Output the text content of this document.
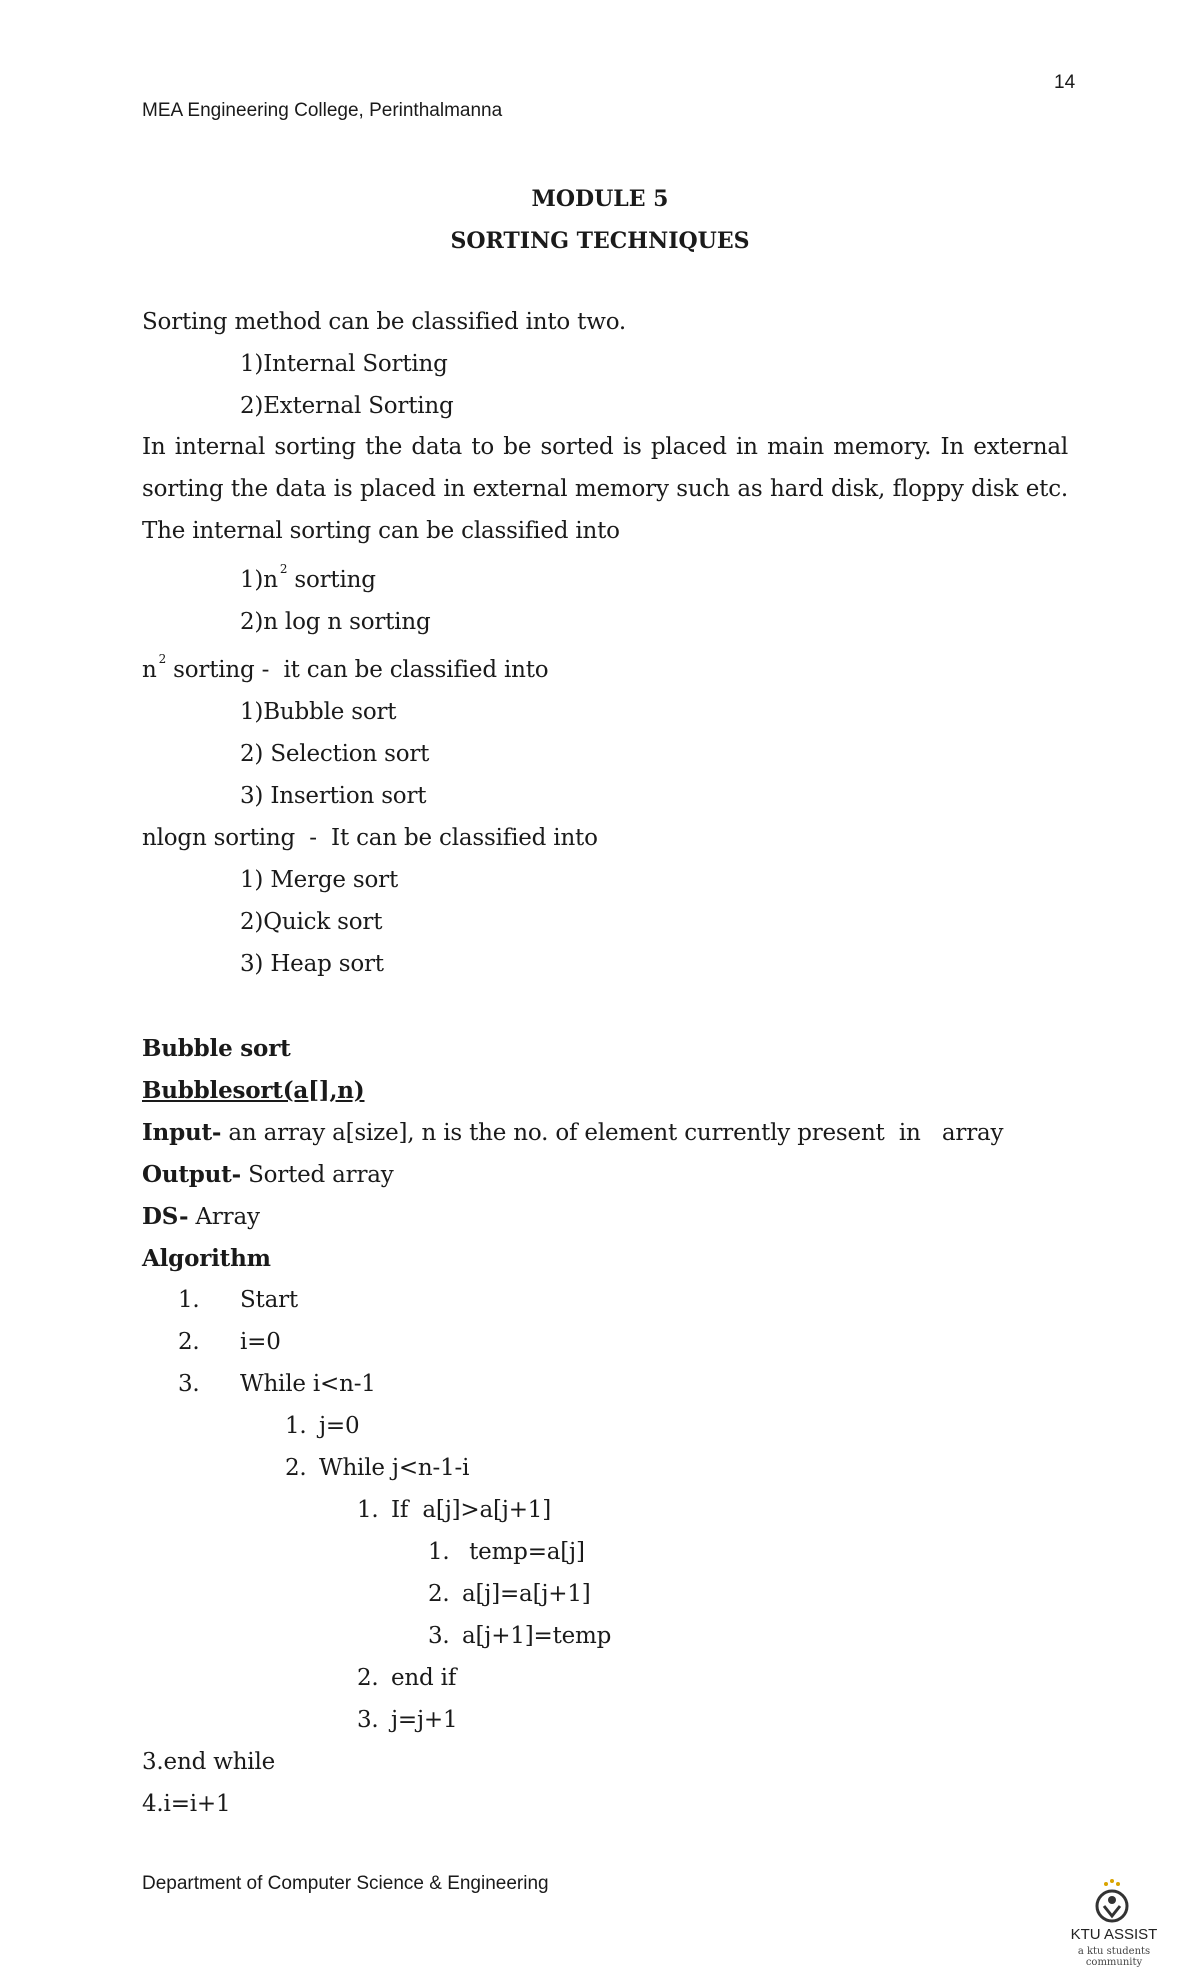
14
MEA Engineering College, Perinthalmanna
MODULE 5
SORTING TECHNIQUES
Sorting method can be classified into two.
1)Internal Sorting
2)External Sorting
In internal sorting the data to be sorted is placed in main memory. In external sorting the data is placed in external memory such as hard disk, floppy disk etc. The internal sorting can be classified into
1)n $^2$ sorting
2)n log n sorting
n $^2$ sorting -  it can be classified into
1)Bubble sort
2) Selection sort
3) Insertion sort
nlogn sorting  -  It can be classified into
1) Merge sort
2)Quick sort
3) Heap sort
Bubble sort
Bubblesort(a[],n)
Input- an array a[size], n is the no. of element currently present  in   array
Output- Sorted array
DS- Array
Algorithm
1. Start
2. i=0
3. While i<n-1
1. j=0
2. While j<n-1-i
1. If  a[j]>a[j+1]
1. temp=a[j]
2. a[j]=a[j+1]
3. a[j+1]=temp
2. end if
3. j=j+1
3.end while
4.i=i+1
Department of Computer Science & Engineering
KTU ASSIST
a ktu students community
